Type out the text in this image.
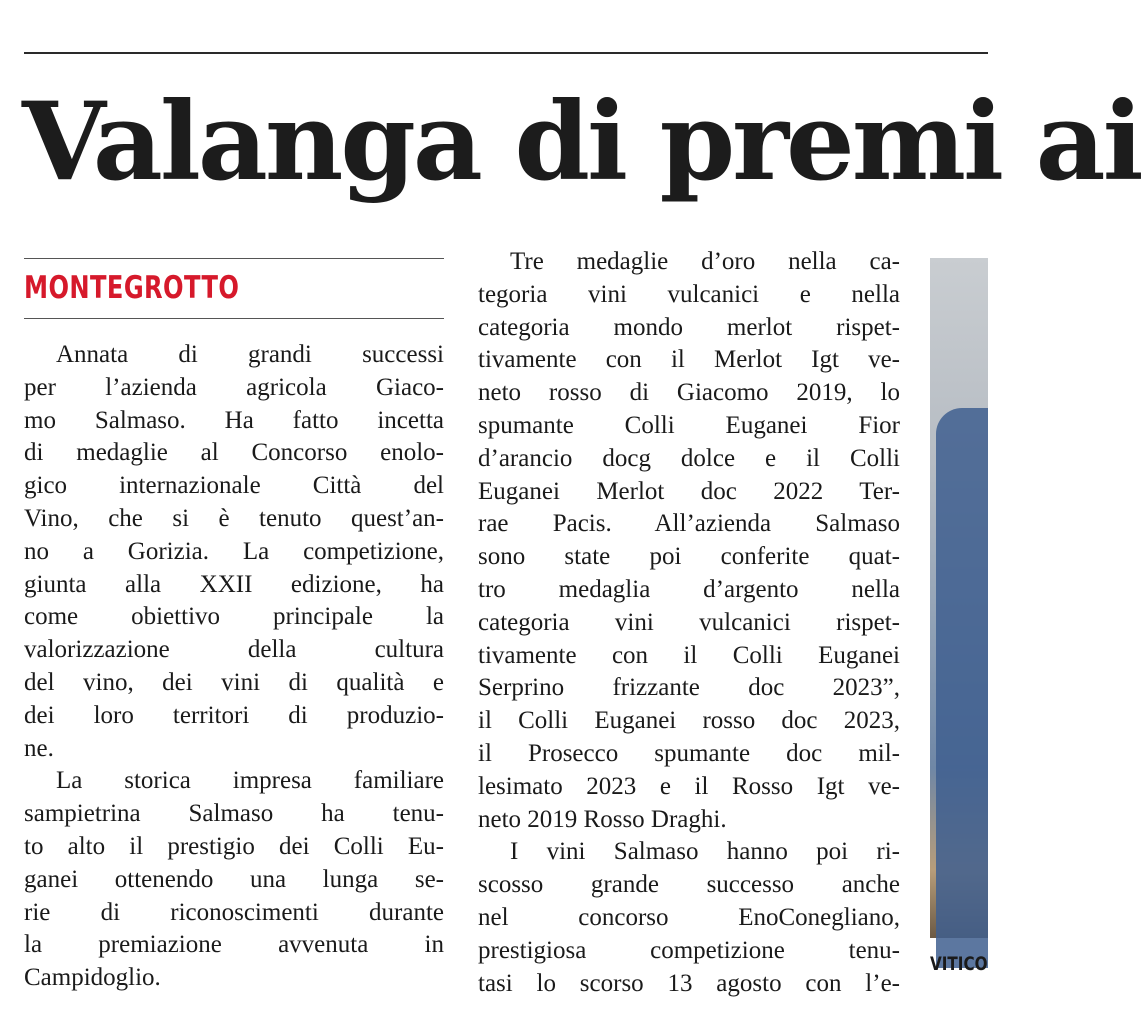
Valanga di premi ai
MONTEGROTTO
Annata di grandi successi
per l’azienda agricola Giaco-
mo Salmaso. Ha fatto incetta
di medaglie al Concorso enolo-
gico internazionale Città del
Vino, che si è tenuto quest’an-
no a Gorizia. La competizione,
giunta alla XXII edizione, ha
come obiettivo principale la
valorizzazione della cultura
del vino, dei vini di qualità e
dei loro territori di produzio-
ne.
La storica impresa familiare
sampietrina Salmaso ha tenu-
to alto il prestigio dei Colli Eu-
ganei ottenendo una lunga se-
rie di riconoscimenti durante
la premiazione avvenuta in
Campidoglio.
Tre medaglie d’oro nella ca-
tegoria vini vulcanici e nella
categoria mondo merlot rispet-
tivamente con il Merlot Igt ve-
neto rosso di Giacomo 2019, lo
spumante Colli Euganei Fior
d’arancio docg dolce e il Colli
Euganei Merlot doc 2022 Ter-
rae Pacis. All’azienda Salmaso
sono state poi conferite quat-
tro medaglia d’argento nella
categoria vini vulcanici rispet-
tivamente con il Colli Euganei
Serprino frizzante doc 2023”,
il Colli Euganei rosso doc 2023,
il Prosecco spumante doc mil-
lesimato 2023 e il Rosso Igt ve-
neto 2019 Rosso Draghi.
I vini Salmaso hanno poi ri-
scosso grande successo anche
nel concorso EnoConegliano,
prestigiosa competizione tenu-
tasi lo scorso 13 agosto con l’e-
VITICO
